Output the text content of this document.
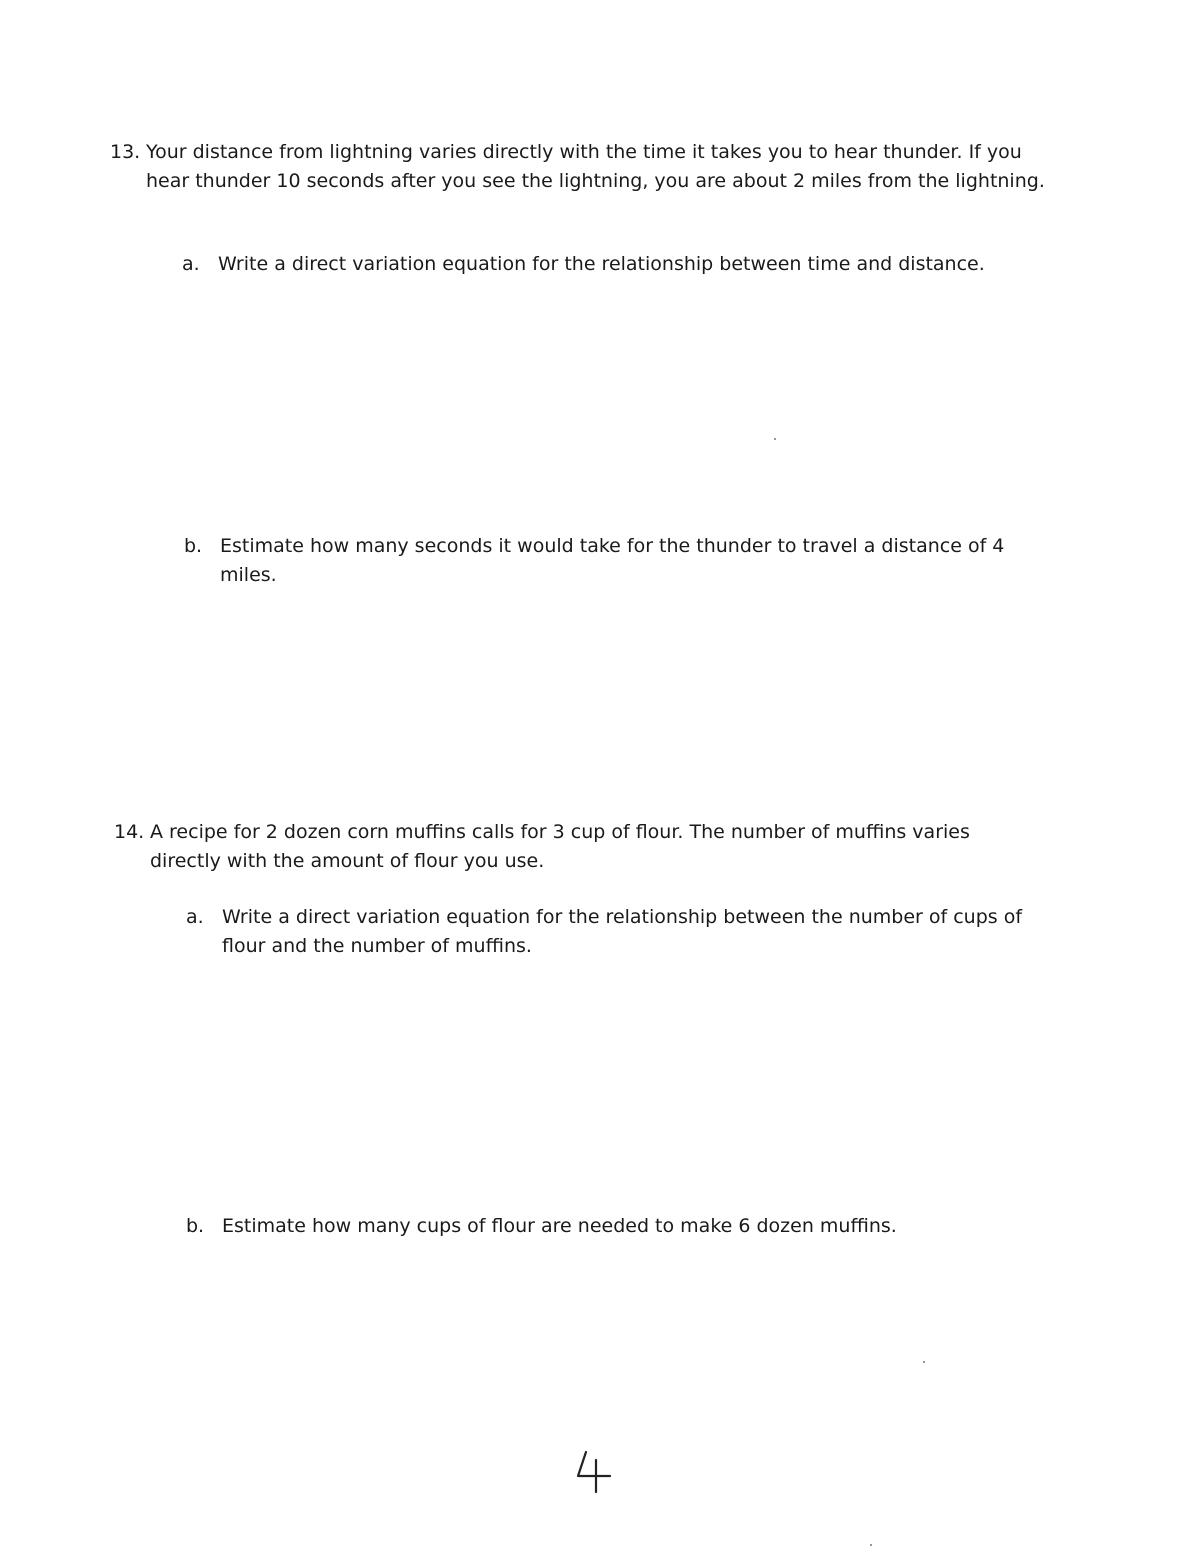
13. Your distance from lightning varies directly with the time it takes you to hear thunder. If you hear thunder 10 seconds after you see the lightning, you are about 2 miles from the lightning.
a. Write a direct variation equation for the relationship between time and distance.
b. Estimate how many seconds it would take for the thunder to travel a distance of 4 miles.
14. A recipe for 2 dozen corn muffins calls for 3 cup of flour. The number of muffins varies directly with the amount of flour you use.
a. Write a direct variation equation for the relationship between the number of cups of flour and the number of muffins.
b. Estimate how many cups of flour are needed to make 6 dozen muffins.
